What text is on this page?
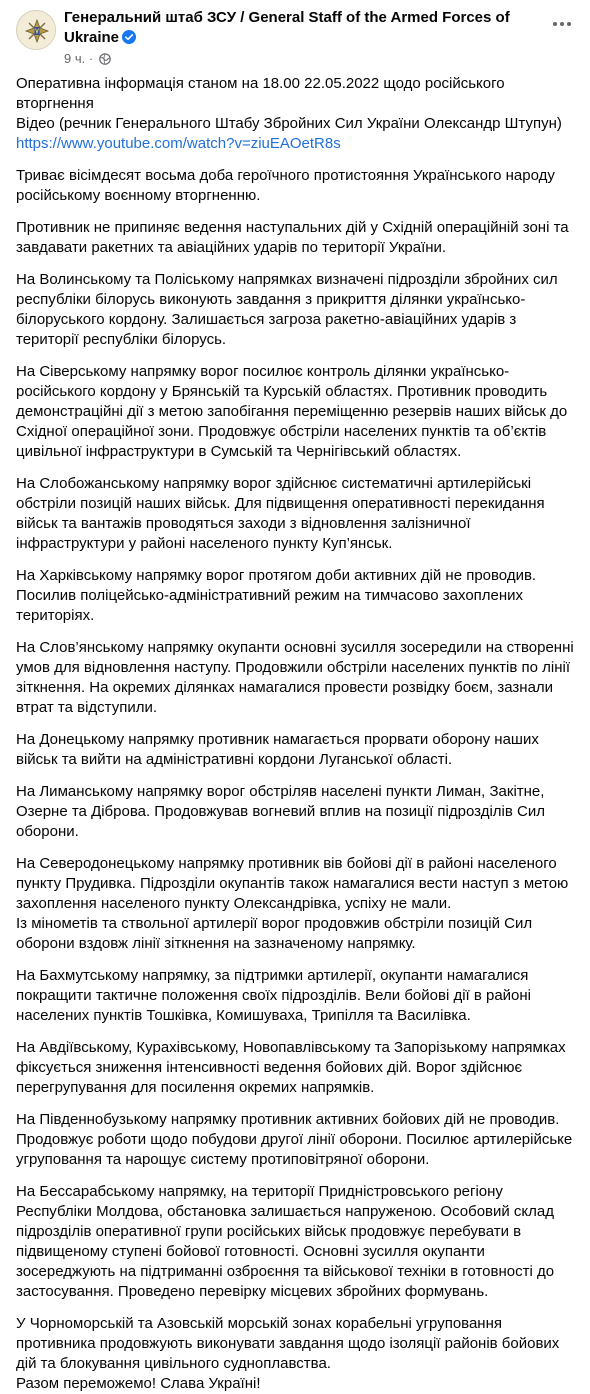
Генеральний штаб ЗСУ / General Staff of the Armed Forces of Ukraine
9 ч. ·

Оперативна інформація станом на 18.00 22.05.2022 щодо російського вторгнення
Відео (речник Генерального Штабу Збройних Сил України Олександр Штупун)
https://www.youtube.com/watch?v=ziuEAOetR8s

Триває вісімдесят восьма доба героїчного протистояння Українського народу російському воєнному вторгненню.

Противник не припиняє ведення наступальних дій у Східній операційній зоні та завдавати ракетних та авіаційних ударів по території України.

На Волинському та Поліському напрямках визначені підрозділи збройних сил республіки білорусь виконують завдання з прикриття ділянки українсько-білоруського кордону. Залишається загроза ракетно-авіаційних ударів з території республіки білорусь.

На Сіверському напрямку ворог посилює контроль ділянки українсько-російського кордону у Брянській та Курській областях. Противник проводить демонстраційні дії з метою запобігання переміщенню резервів наших військ до Східної операційної зони. Продовжує обстріли населених пунктів та об’єктів цивільної інфраструктури в Сумській та Чернігівський областях.

На Слобожанському напрямку ворог здійснює систематичні артилерійські обстріли позицій наших військ. Для підвищення оперативності перекидання військ та вантажів проводяться заходи з відновлення залізничної інфраструктури у районі населеного пункту Куп’янськ.

На Харківському напрямку ворог протягом доби активних дій не проводив. Посилив поліцейсько-адміністративний режим на тимчасово захоплених територіях.

На Слов’янському напрямку окупанти основні зусилля зосередили на створенні умов для відновлення наступу. Продовжили обстріли населених пунктів по лінії зіткнення. На окремих ділянках намагалися провести розвідку боєм, зазнали втрат та відступили.

На Донецькому напрямку противник намагається прорвати оборону наших військ та вийти на адміністративні кордони Луганської області.

На Лиманському напрямку ворог обстріляв населені пункти Лиман, Закітне, Озерне та Діброва. Продовжував вогневий вплив на позиції підрозділів Сил оборони.

На Северодонецькому напрямку противник вів бойові дії в районі населеного пункту Прудивка. Підрозділи окупантів також намагалися вести наступ з метою захоплення населеного пункту Олександрівка, успіху не мали.
Із мінометів та ствольної артилерії ворог продовжив обстріли позицій Сил оборони вздовж лінії зіткнення на зазначеному напрямку.

На Бахмутському напрямку, за підтримки артилерії, окупанти намагалися покращити тактичне положення своїх підрозділів. Вели бойові дії в районі населених пунктів Тошківка, Комишуваха, Трипілля та Василівка.

На Авдіївському, Курахівському, Новопавлівському та Запорізькому напрямках фіксується зниження інтенсивності ведення бойових дій. Ворог здійснює перегрупування для посилення окремих напрямків.

На Південнобузькому напрямку противник активних бойових дій не проводив. Продовжує роботи щодо побудови другої лінії оборони. Посилює артилерійське угруповання та нарощує систему протиповітряної оборони.

На Бессарабському напрямку, на території Придністровського регіону Республіки Молдова, обстановка залишається напруженою. Особовий склад підрозділів оперативної групи російських військ продовжує перебувати в підвищеному ступені бойової готовності. Основні зусилля окупанти зосереджують на підтриманні озброєння та військової техніки в готовності до застосування. Проведено перевірку місцевих збройних формувань.

У Чорноморській та Азовській морській зонах корабельні угруповання противника продовжують виконувати завдання щодо ізоляції районів бойових дій та блокування цивільного судноплавства.
Разом переможемо! Слава Україні!
